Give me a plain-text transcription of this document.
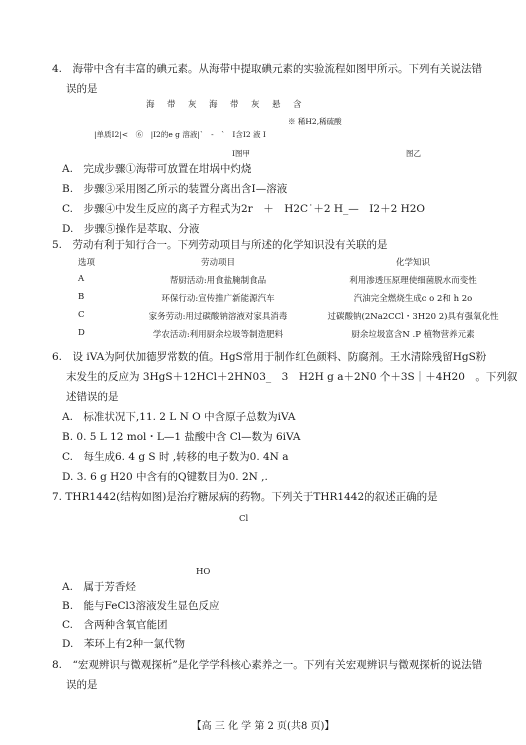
4.　海带中含有丰富的碘元素。从海带中提取碘元素的实验流程如图甲所示。下列有关说法错
误的是
海　带　灰　海　带　灰　悬　含
※ 稀H2,稀硫酸
|单质I2|<　⑥　|I2的e g 溶液|`　-　`　I含I2 液 I
I图甲	图乙
A.　完成步骤①海带可放置在坩埚中灼烧
B.　步骤③采用图乙所示的装置分离出含I—溶液
C.　步骤④中发生反应的离子方程式为2r　＋　H2C˙＋2 H_—　I2＋2 H2O
D.　步骤⑤操作是萃取、分液
5.　劳动有利于知行合一。下列劳动项目与所述的化学知识没有关联的是
选项	劳动项目	化学知识
A	帮厨活动:用食盐腌制食品	利用渗透压原理使细菌脱水而变性
B	环保行动:宣传推广新能源汽车	汽油完全燃烧生成c o 2和 h 2o
C	家务劳动:用过碳酸钠溶液对家具消毒	过碳酸钠(2Na2CCl・3H20 2)具有强氧化性
D	学农活动:利用厨余垃圾等制造肥料	厨余垃圾富含N .P 植物营养元素
6.　设 iVA为阿伏加德罗常数的值。HgS常用于制作红色颜料、防腐剂。王水清除残留HgS粉
末发生的反应为 3HgS＋12HCl＋2HN03_　3　H2H g a＋2N0 个＋3S｜＋4H20　。下列叙
述错误的是
A.　标准状况下,11. 2 L N O 中含原子总数为iVA
B. 0. 5 L 12 mol・L—1 盐酸中含 Cl—数为 6iVA
C.　每生成6. 4 g S 时 ,转移的电子数为0. 4N a
D. 3. 6 g H20 中含有的Q键数目为0. 2N ,.
7. THR1442(结构如图)是治疗糖尿病的药物。下列关于THR1442的叙述正确的是
Cl
HO
A.　属于芳香烃
B.　能与FeCl3溶液发生显色反应
C.　含两种含氧官能团
D.　苯环上有2种一氯代物
8.　“宏观辨识与微观探析”是化学学科核心素养之一。下列有关宏观辨识与微观探析的说法错
误的是
【高 三 化 学 第 2 页(共8 页)】
